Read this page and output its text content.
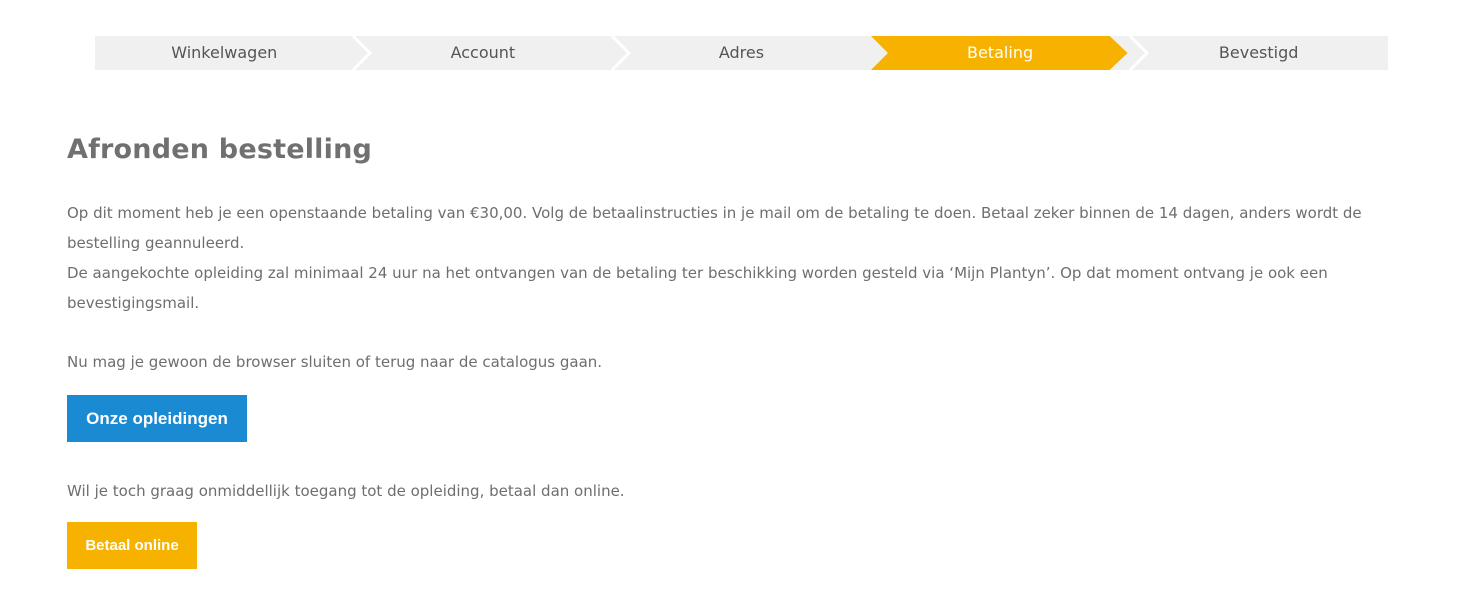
Winkelwagen	Account	Adres	Betaling	Bevestigd
Afronden bestelling
Op dit moment heb je een openstaande betaling van €30,00. Volg de betaalinstructies in je mail om de betaling te doen. Betaal zeker binnen de 14 dagen, anders wordt de bestelling geannuleerd.
De aangekochte opleiding zal minimaal 24 uur na het ontvangen van de betaling ter beschikking worden gesteld via ‘Mijn Plantyn’. Op dat moment ontvang je ook een bevestigingsmail.

Nu mag je gewoon de browser sluiten of terug naar de catalogus gaan.

Onze opleidingen

Wil je toch graag onmiddellijk toegang tot de opleiding, betaal dan online.

Betaal online
